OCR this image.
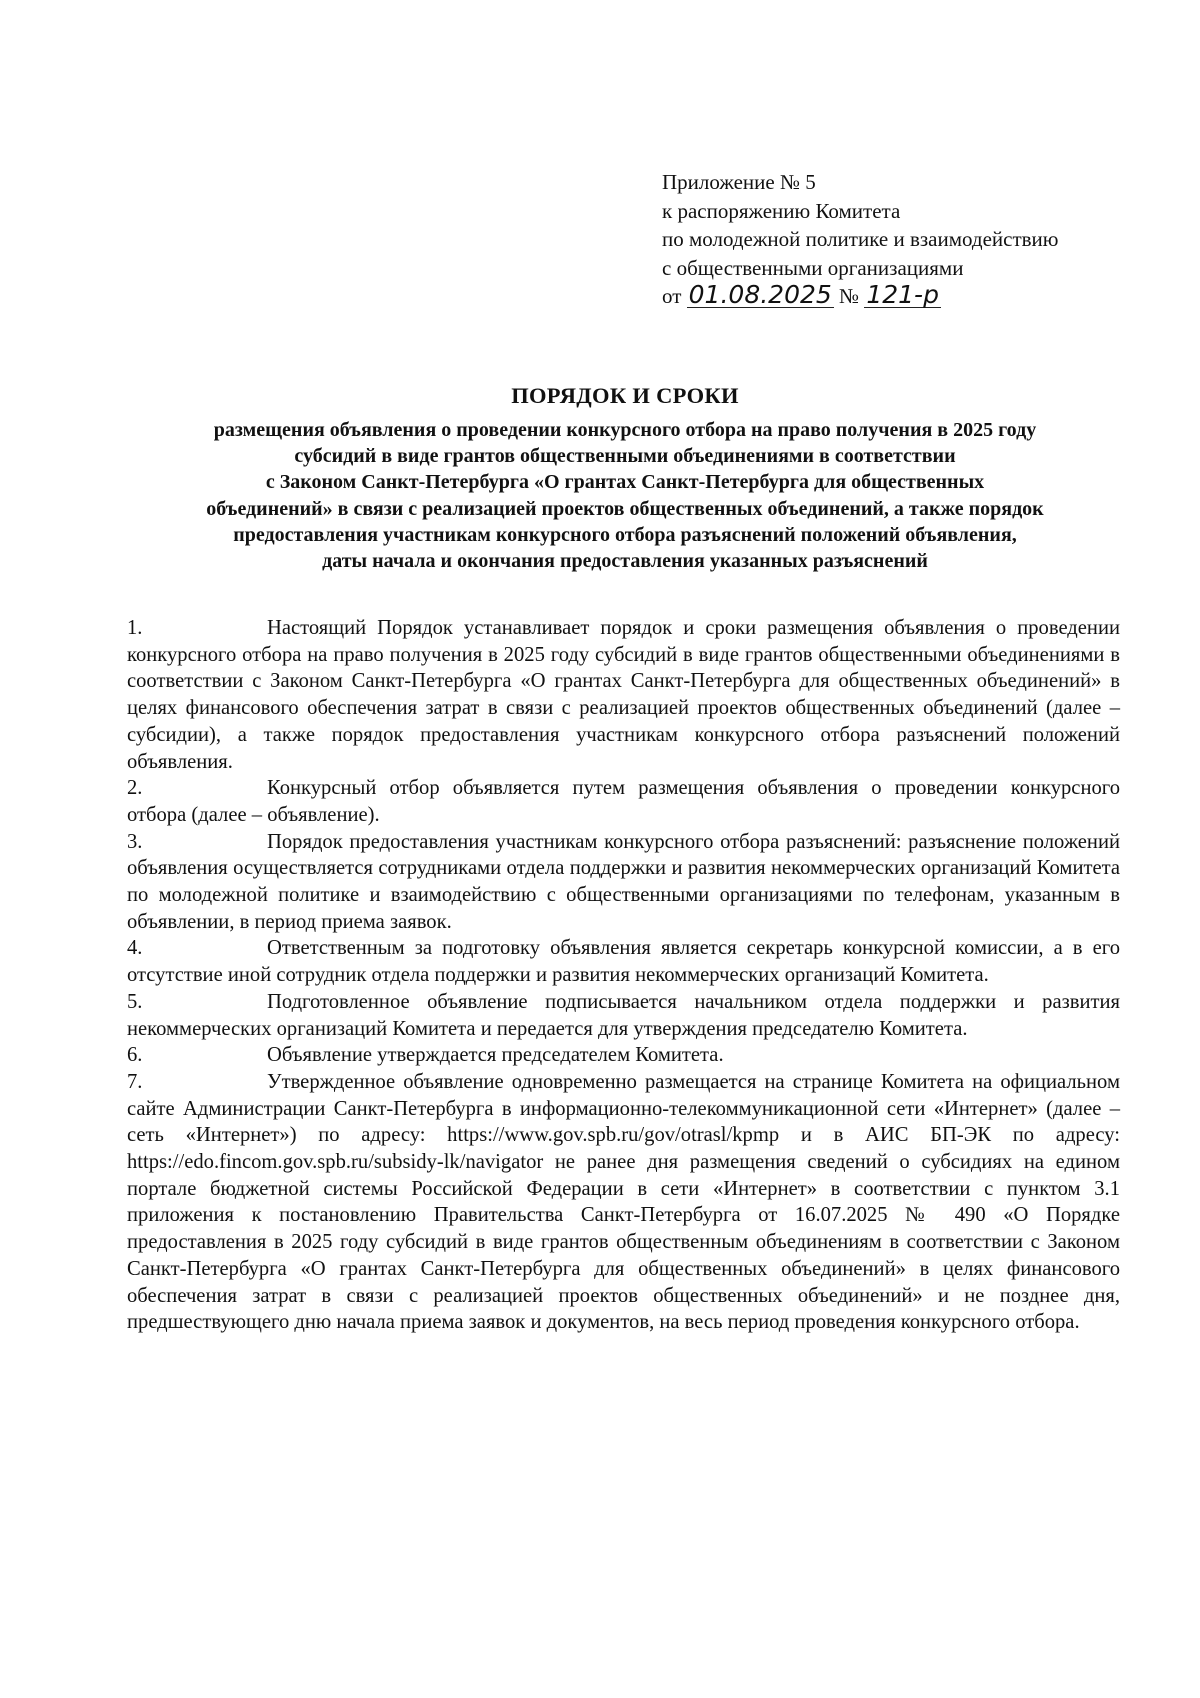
Приложение № 5
к распоряжению Комитета
по молодежной политике и взаимодействию
с общественными организациями
от 01.08.2025 № 121-р
ПОРЯДОК И СРОКИ
размещения объявления о проведении конкурсного отбора на право получения в 2025 году
субсидий в виде грантов общественными объединениями в соответствии
с Законом Санкт-Петербурга «О грантах Санкт-Петербурга для общественных
объединений» в связи с реализацией проектов общественных объединений, а также порядок
предоставления участникам конкурсного отбора разъяснений положений объявления,
даты начала и окончания предоставления указанных разъяснений

1.	Настоящий Порядок устанавливает порядок и сроки размещения объявления о проведении конкурсного отбора на право получения в 2025 году субсидий в виде грантов общественными объединениями в соответствии с Законом Санкт-Петербурга «О грантах Санкт-Петербурга для общественных объединений» в целях финансового обеспечения затрат в связи с реализацией проектов общественных объединений (далее – субсидии), а также порядок предоставления участникам конкурсного отбора разъяснений положений объявления.

2.	Конкурсный отбор объявляется путем размещения объявления о проведении конкурсного отбора (далее – объявление).

3.	Порядок предоставления участникам конкурсного отбора разъяснений: разъяснение положений объявления осуществляется сотрудниками отдела поддержки и развития некоммерческих организаций Комитета по молодежной политике и взаимодействию с общественными организациями по телефонам, указанным в объявлении, в период приема заявок.

4.	Ответственным за подготовку объявления является секретарь конкурсной комиссии, а в его отсутствие иной сотрудник отдела поддержки и развития некоммерческих организаций Комитета.

5.	Подготовленное объявление подписывается начальником отдела поддержки и развития некоммерческих организаций Комитета и передается для утверждения председателю Комитета.

6.	Объявление утверждается председателем Комитета.

7.	Утвержденное объявление одновременно размещается на странице Комитета на официальном сайте Администрации Санкт-Петербурга в информационно-телекоммуникационной сети «Интернет» (далее – сеть «Интернет») по адресу: https://www.gov.spb.ru/gov/otrasl/kpmp и в АИС БП-ЭК по адресу: https://edo.fincom.gov.spb.ru/subsidy-lk/navigator не ранее дня размещения сведений о субсидиях на едином портале бюджетной системы Российской Федерации в сети «Интернет» в соответствии с пунктом 3.1 приложения к постановлению Правительства Санкт-Петербурга от 16.07.2025 № 490 «О Порядке предоставления в 2025 году субсидий в виде грантов общественным объединениям в соответствии с Законом Санкт-Петербурга «О грантах Санкт-Петербурга для общественных объединений» в целях финансового обеспечения затрат в связи с реализацией проектов общественных объединений» и не позднее дня, предшествующего дню начала приема заявок и документов, на весь период проведения конкурсного отбора.
